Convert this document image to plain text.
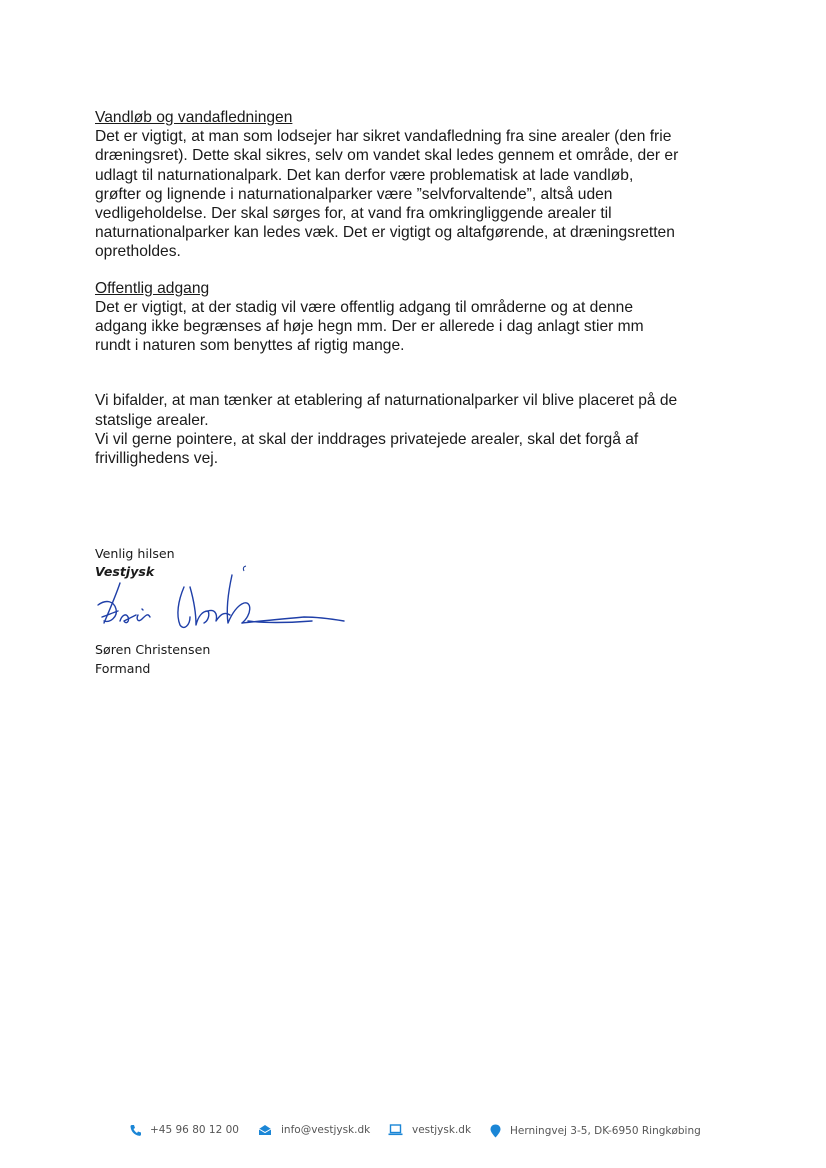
Vandløb og vandafledningen

Det er vigtigt, at man som lodsejer har sikret vandafledning fra sine arealer (den frie

dræningsret). Dette skal sikres, selv om vandet skal ledes gennem et område, der er

udlagt til naturnationalpark. Det kan derfor være problematisk at lade vandløb,

grøfter og lignende i naturnationalparker være ”selvforvaltende”, altså uden

vedligeholdelse. Der skal sørges for, at vand fra omkringliggende arealer til

naturnationalparker kan ledes væk. Det er vigtigt og altafgørende, at dræningsretten

opretholdes.

Offentlig adgang

Det er vigtigt, at der stadig vil være offentlig adgang til områderne og at denne

adgang ikke begrænses af høje hegn mm. Der er allerede i dag anlagt stier mm

rundt i naturen som benyttes af rigtig mange.

Vi bifalder, at man tænker at etablering af naturnationalparker vil blive placeret på de

statslige arealer.

Vi vil gerne pointere, at skal der inddrages privatejede arealer, skal det forgå af

frivillighedens vej.

Venlig hilsen
Vestjysk
Søren Christensen
Formand
+45 96 80 12 00	info@vestjysk.dk	vestjysk.dk	Herningvej 3-5, DK-6950 Ringkøbing
